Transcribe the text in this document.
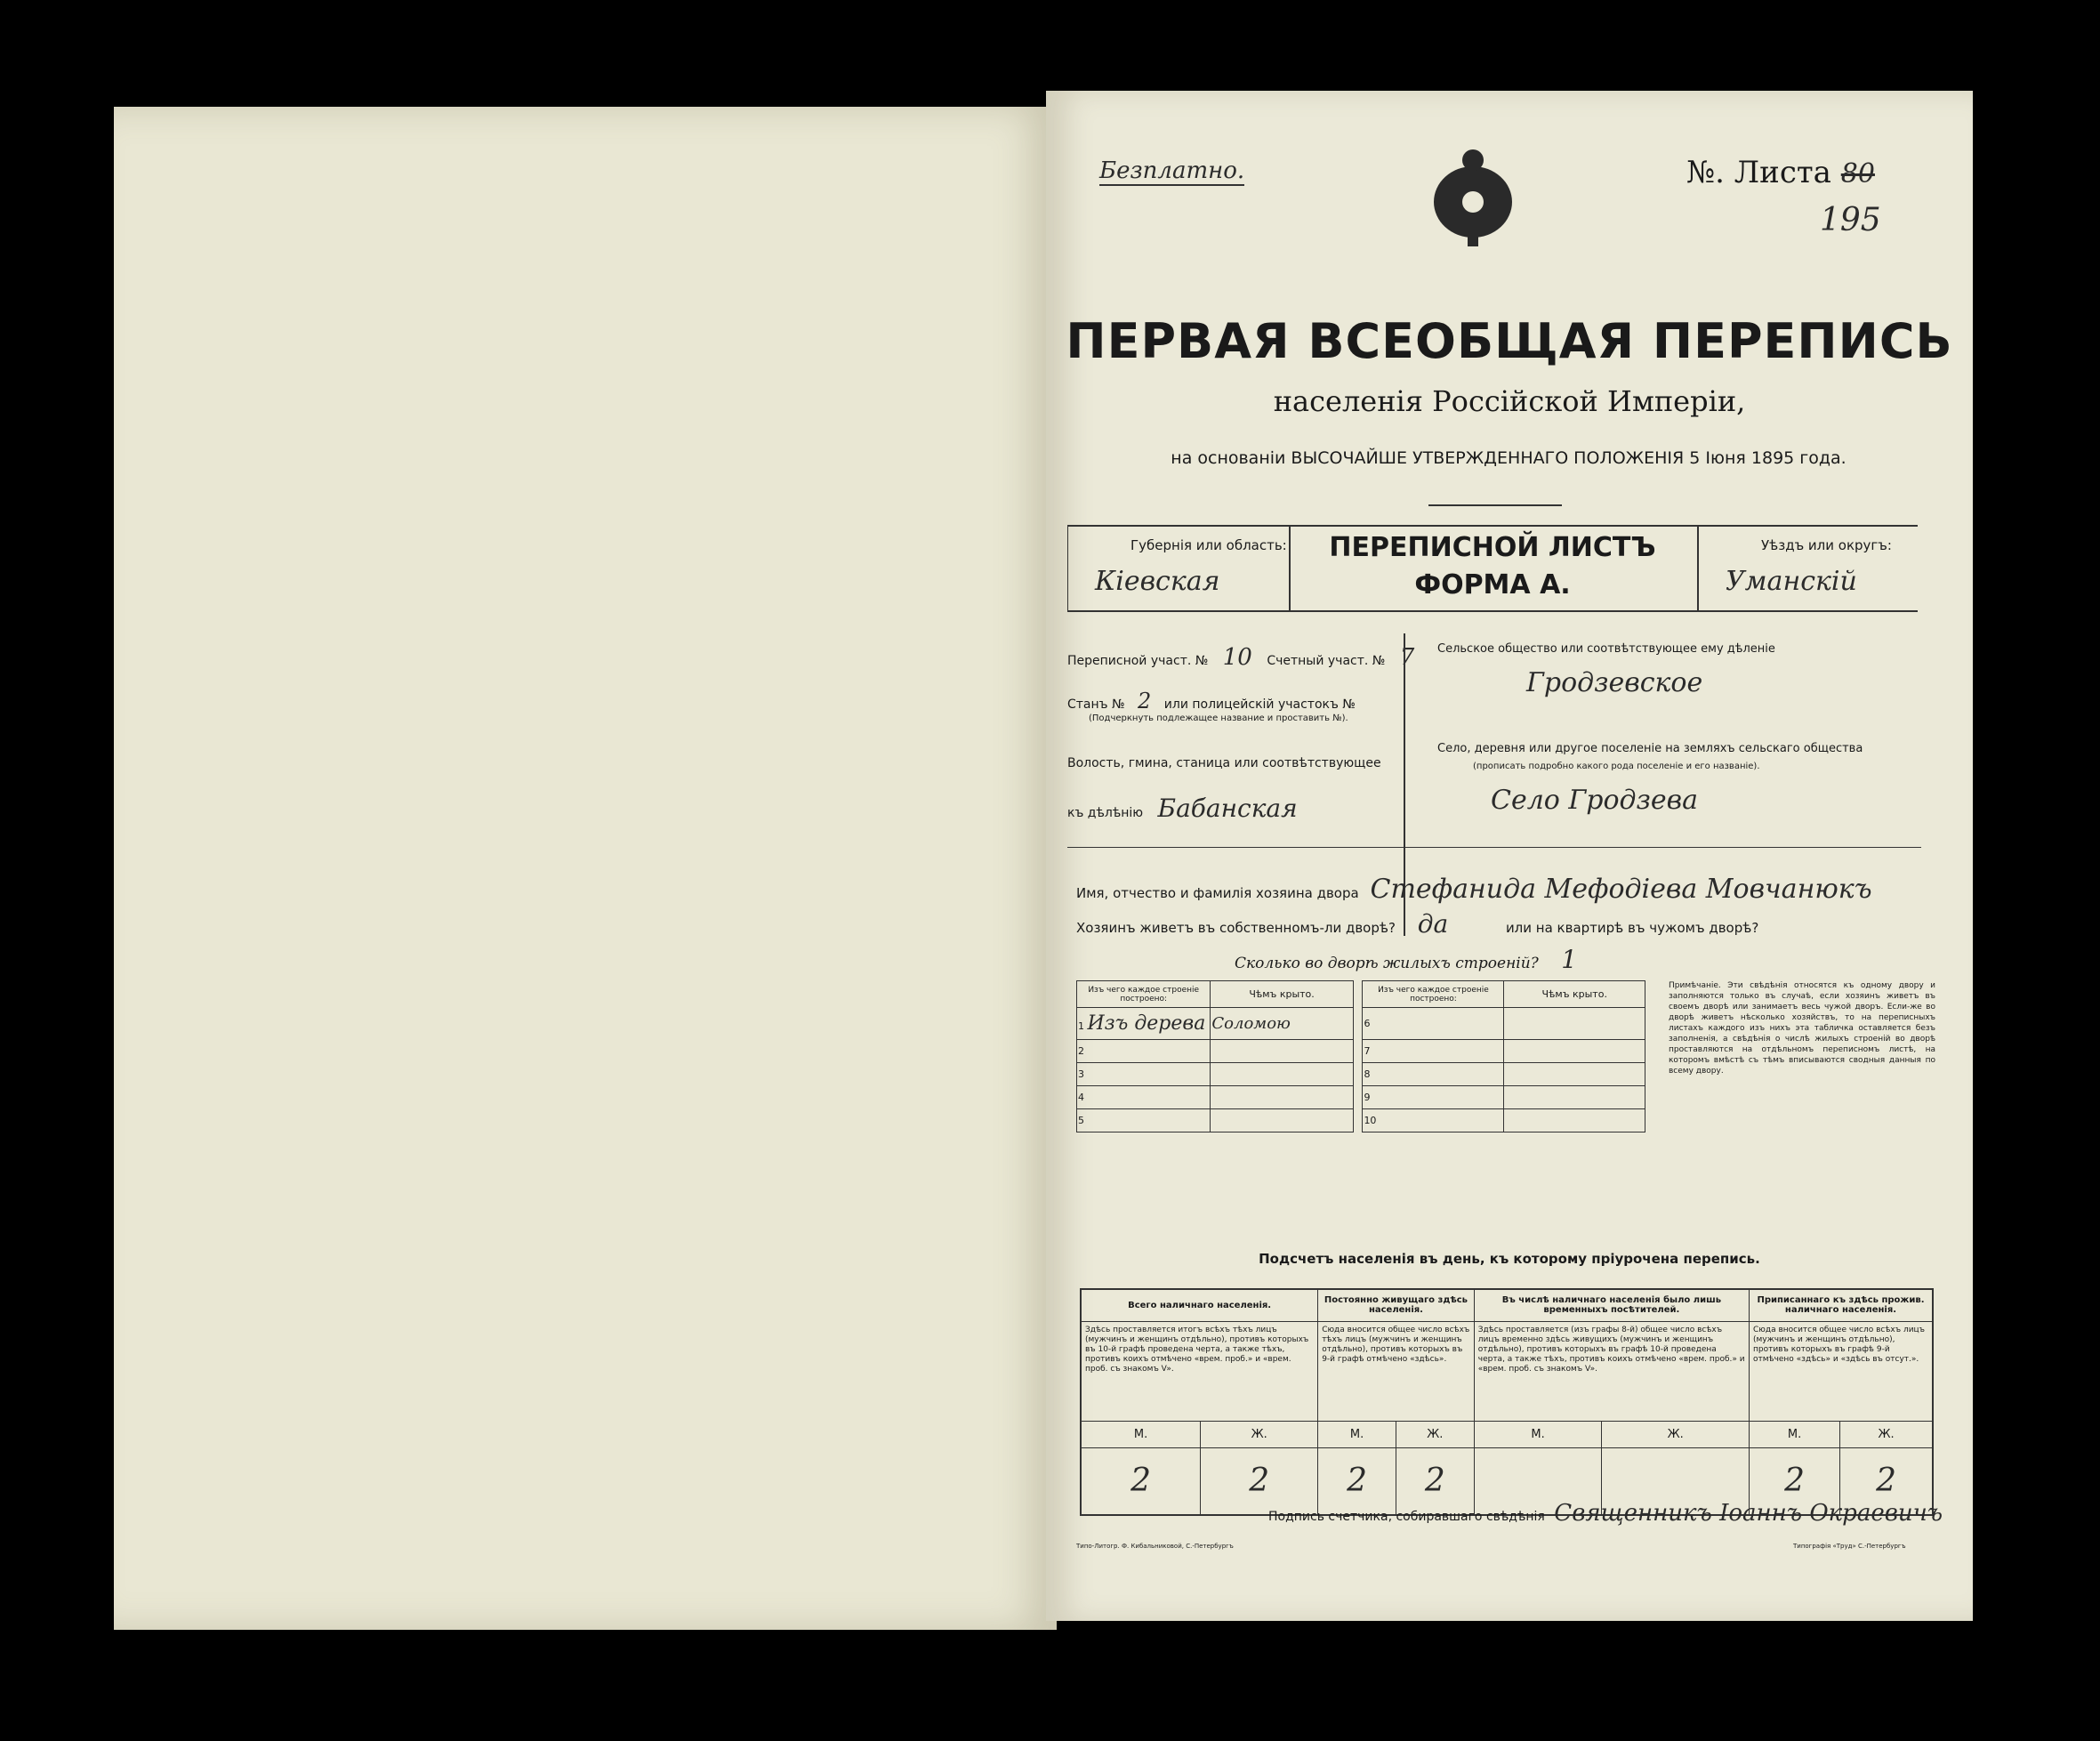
Безплатно.	№. Листа 80
195
ПЕРВАЯ ВСЕОБЩАЯ ПЕРЕПИСЬ
населенія Россійской Имперіи,
на основаніи ВЫСОЧАЙШЕ УТВЕРЖДЕННАГО ПОЛОЖЕНІЯ 5 Іюня 1895 года.
Губернія или область:
Кіевская
ПЕРЕПИСНОЙ ЛИСТЪ
ФОРМА А.
Уѣздъ или округъ:
Уманскій
Переписной участ. № 10 Счетный участ. № 7
Станъ № 2 или полицейскій участокъ №
(Подчеркнуть подлежащее название и проставить №).
Волость, гмина, станица или соотвѣтствующее
къ дѣлѣнію Бабанская
Сельское общество или соотвѣтствующее ему дѣленіе
Гродзевское
Село, деревня или другое поселеніе на земляхъ сельскаго общества
(прописать подробно какого рода поселеніе и его названіе).
Село Гродзева
Имя, отчество и фамилія хозяина двора Стефанида Мефодіева Мовчанюкъ
Хозяинъ живетъ въ собственномъ-ли дворѣ? да	или на квартирѣ въ чужомъ дворѣ?
Сколько во дворѣ жилыхъ строеній? 1
Изъ чего каждое строеніе построено:	Чѣмъ крыто.		Изъ чего каждое строеніе построено:	Чѣмъ крыто.
1 Изъ дерева	Соломою		6	
2			7	
3			8	
4			9	
5			10	
Примѣчаніе. Эти свѣдѣнія относятся къ одному двору и заполняются только въ случаѣ, если хозяинъ живетъ въ своемъ дворѣ или занимаетъ весь чужой дворъ. Если-же во дворѣ живетъ нѣсколько хозяйствъ, то на переписныхъ листахъ каждого изъ нихъ эта табличка оставляется безъ заполненія, а свѣдѣнія о числѣ жилыхъ строеній во дворѣ проставляются на отдѣльномъ переписномъ листѣ, на которомъ вмѣстѣ съ тѣмъ вписываются сводныя данныя по всему двору.
Подсчетъ населенія въ день, къ которому пріурочена перепись.
Всего наличнаго населенія.		Постоянно живущаго здѣсь населенія.		Въ числѣ наличнаго населенія было лишь временныхъ посѣтителей.		Приписаннаго къ здѣсь прожив. наличнаго населенія.	
Здѣсь проставляется итогъ всѣхъ тѣхъ лицъ (мужчинъ и женщинъ отдѣльно), противъ которыхъ въ 10-й графѣ проведена черта, а также тѣхъ, противъ коихъ отмѣчено «врем. проб.» и «врем. проб. съ знакомъ V».		Сюда вносится общее число всѣхъ тѣхъ лицъ (мужчинъ и женщинъ отдѣльно), противъ которыхъ въ 9-й графѣ отмѣчено «здѣсь».		Здѣсь проставляется (изъ графы 8-й) общее число всѣхъ лицъ временно здѣсь живущихъ (мужчинъ и женщинъ отдѣльно), противъ которыхъ въ графѣ 10-й проведена черта, а также тѣхъ, противъ коихъ отмѣчено «врем. проб.» и «врем. проб. съ знакомъ V».		Сюда вносится общее число всѣхъ лицъ (мужчинъ и женщинъ отдѣльно), противъ которыхъ въ графѣ 9-й отмѣчено «здѣсь» и «здѣсь въ отсут.».	
М.	Ж.	М.	Ж.	М.	Ж.	М.	Ж.
2	2	2	2			2	2
Подпись счетчика, собиравшаго свѣдѣнія Священникъ Іоаннъ Окраевичъ
Типо-Литогр. Ф. Кибальниковой, С.-Петербургъ	Типографія «Труд» С.-Петербургъ
